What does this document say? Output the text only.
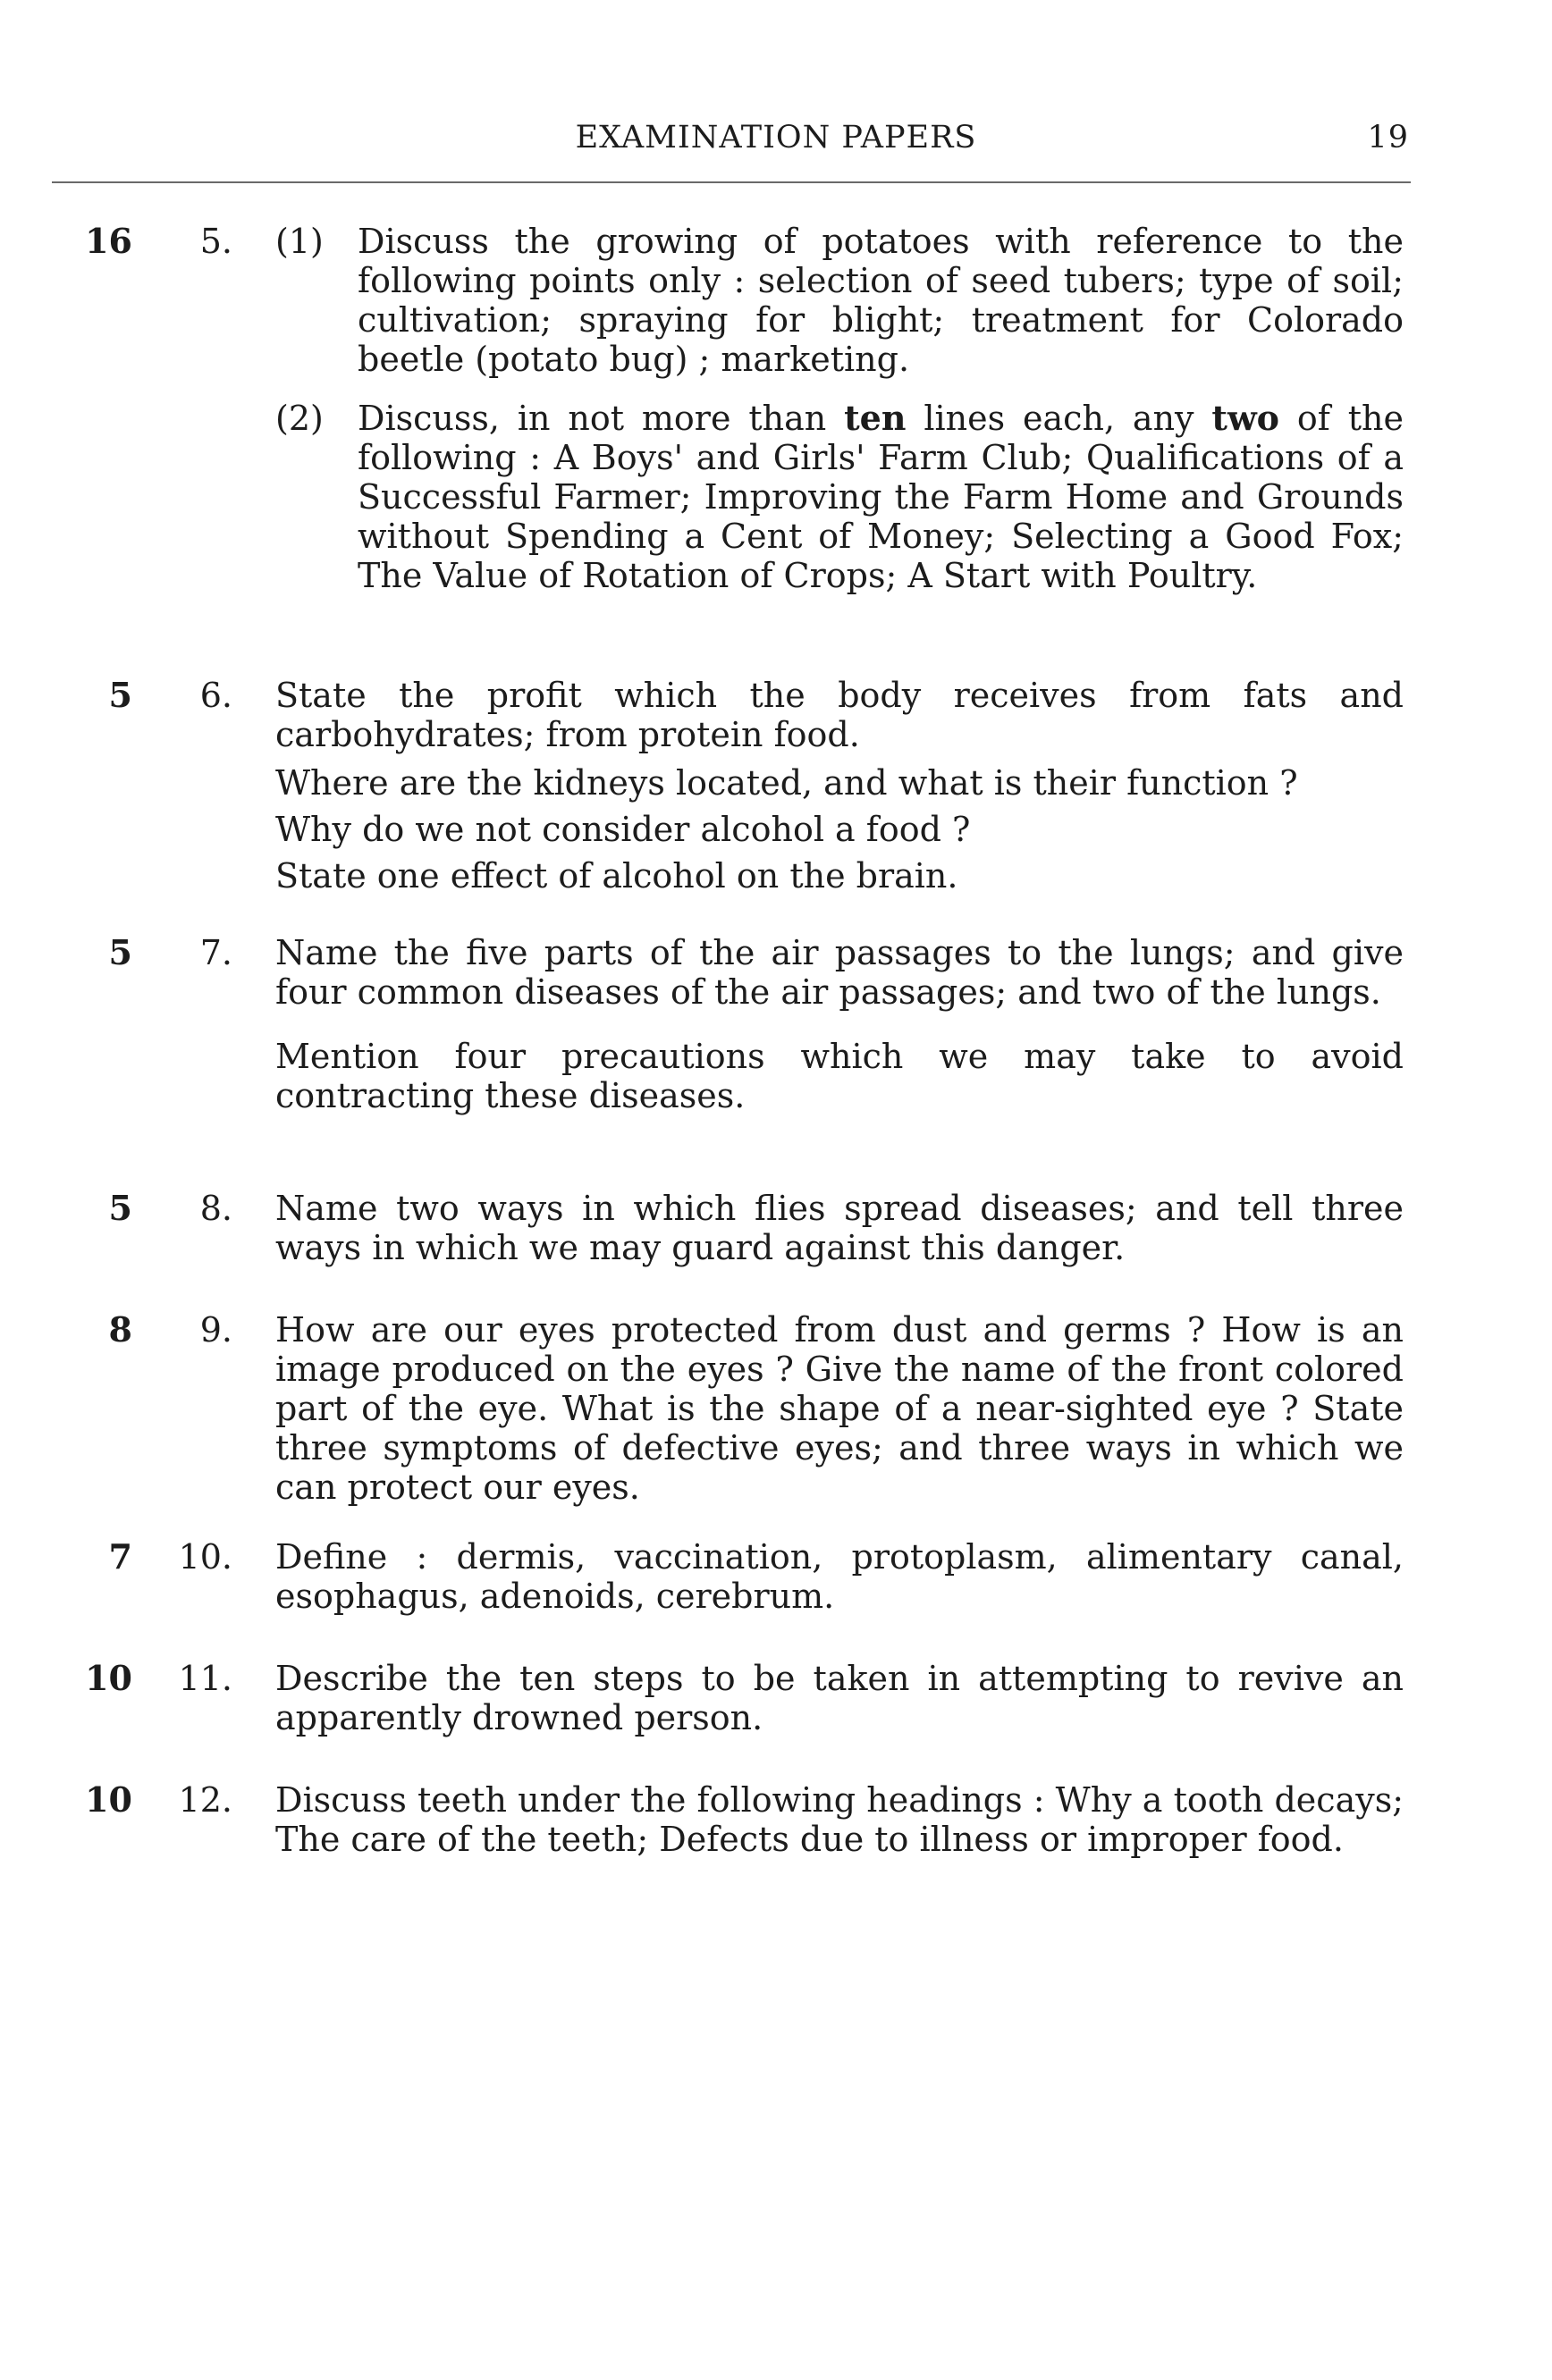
EXAMINATION PAPERS	19
16	5. (1) Discuss the growing of potatoes with reference to the following points only : selection of seed tubers; type of soil; cultivation; spraying for blight; treatment for Colorado beetle (potato bug) ; marketing.
(2) Discuss, in not more than ten lines each, any two of the following : A Boys' and Girls' Farm Club; Qualifications of a Successful Farmer; Improving the Farm Home and Grounds without Spending a Cent of Money; Selecting a Good Fox; The Value of Rotation of Crops; A Start with Poultry.
5	6. State the profit which the body receives from fats and carbohydrates; from protein food.

Where are the kidneys located, and what is their function ?

Why do we not consider alcohol a food ?

State one effect of alcohol on the brain.

5	7. Name the five parts of the air passages to the lungs; and give four common diseases of the air passages; and two of the lungs.

Mention four precautions which we may take to avoid contracting these diseases.

5	8. Name two ways in which flies spread diseases; and tell three ways in which we may guard against this danger.

8	9. How are our eyes protected from dust and germs ? How is an image produced on the eyes ? Give the name of the front colored part of the eye. What is the shape of a near-sighted eye ? State three symptoms of defective eyes; and three ways in which we can protect our eyes.

7	10. Define : dermis, vaccination, protoplasm, alimentary canal, esophagus, adenoids, cerebrum.

10	11. Describe the ten steps to be taken in attempting to revive an apparently drowned person.

10	12. Discuss teeth under the following headings : Why a tooth decays; The care of the teeth; Defects due to illness or improper food.
